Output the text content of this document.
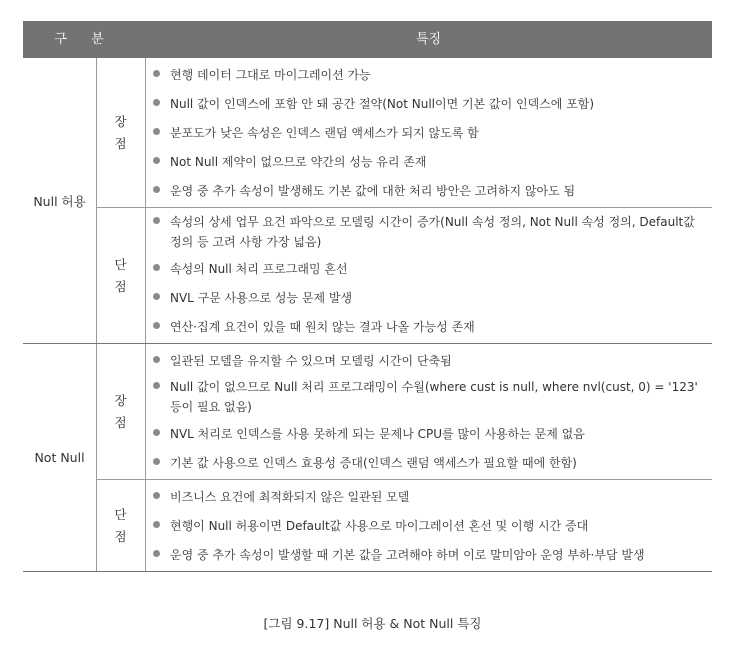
구 분	특징
Null 허용
장
점
현행 데이터 그대로 마이그레이션 가능
Null 값이 인덱스에 포함 안 돼 공간 절약(Not Null이면 기본 값이 인덱스에 포함)
분포도가 낮은 속성은 인덱스 랜덤 액세스가 되지 않도록 함
Not Null 제약이 없으므로 약간의 성능 유리 존재
운영 중 추가 속성이 발생해도 기본 값에 대한 처리 방안은 고려하지 않아도 됨
단
점
속성의 상세 업무 요건 파악으로 모델링 시간이 증가(Null 속성 정의, Not Null 속성 정의, Default값 정의 등 고려 사항 가장 넓음)
속성의 Null 처리 프로그래밍 혼선
NVL 구문 사용으로 성능 문제 발생
연산·집계 요건이 있을 때 원치 않는 결과 나올 가능성 존재
Not Null
장
점
일관된 모델을 유지할 수 있으며 모델링 시간이 단축됨
Null 값이 없으므로 Null 처리 프로그래밍이 수월(where cust is null, where nvl(cust, 0) = '123' 등이 필요 없음)
NVL 처리로 인덱스를 사용 못하게 되는 문제나 CPU를 많이 사용하는 문제 없음
기본 값 사용으로 인덱스 효용성 증대(인덱스 랜덤 액세스가 필요할 때에 한함)
단
점
비즈니스 요건에 최적화되지 않은 일관된 모델
현행이 Null 허용이면 Default값 사용으로 마이그레이션 혼선 및 이행 시간 증대
운영 중 추가 속성이 발생할 때 기본 값을 고려해야 하며 이로 말미암아 운영 부하·부담 발생
[그림 9.17] Null 허용 & Not Null 특징
